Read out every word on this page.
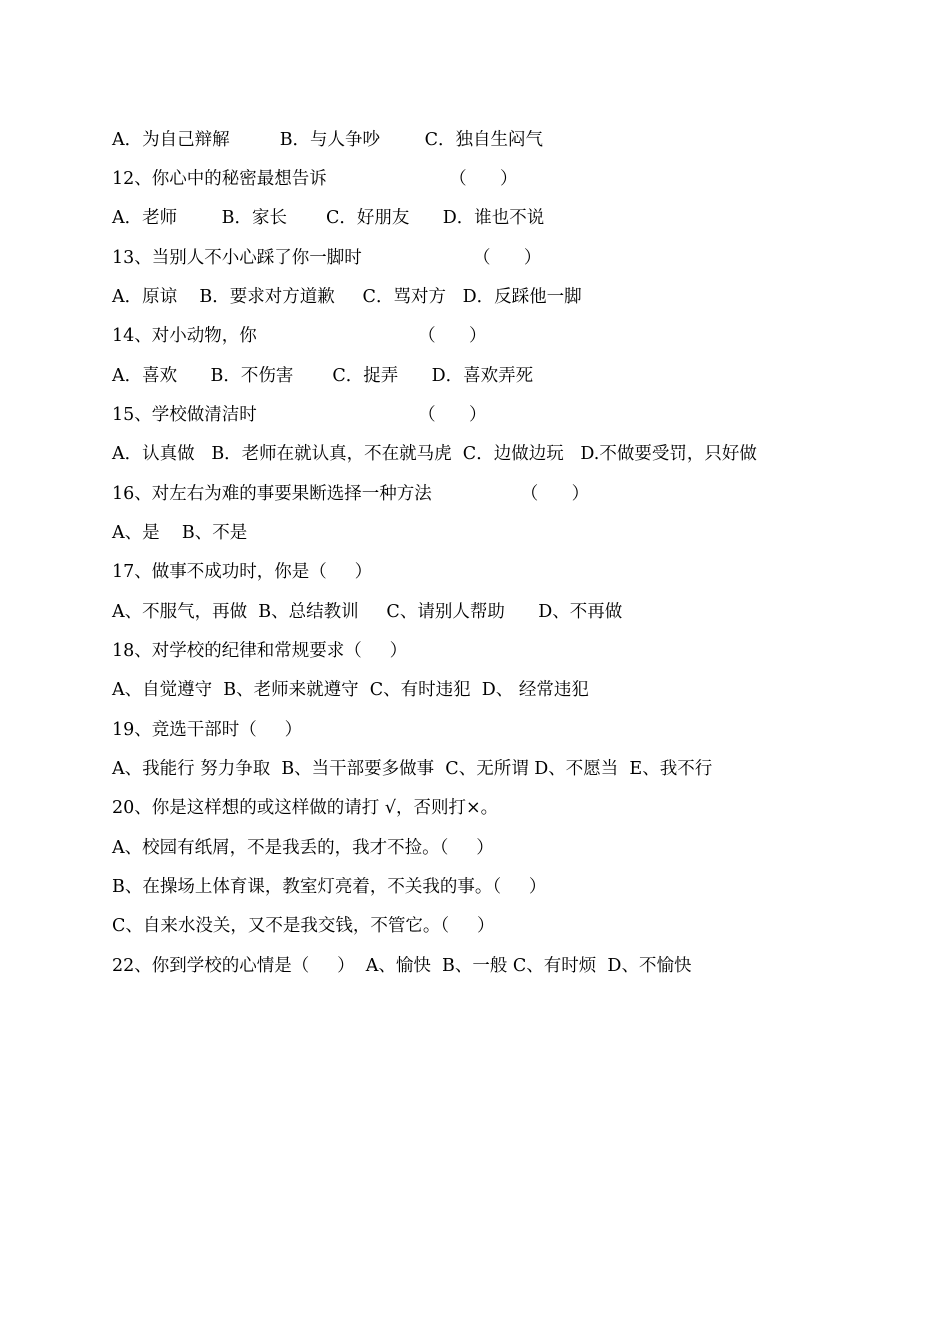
A．为自己辩解         B．与人争吵        C．独自生闷气
12、你心中的秘密最想告诉                      （      ）
A．老师        B．家长       C．好朋友      D．谁也不说
13、当别人不小心踩了你一脚时                    （      ）
A．原谅    B．要求对方道歉     C．骂对方   D．反踩他一脚
14、对小动物，你                             （      ）
A．喜欢      B．不伤害       C．捉弄      D．喜欢弄死
15、学校做清洁时                             （      ）
A．认真做   B．老师在就认真，不在就马虎  C．边做边玩   D.不做要受罚，只好做
16、对左右为难的事要果断选择一种方法                （      ）
A、是    B、不是
17、做事不成功时，你是（     ）
A、不服气，再做  B、总结教训     C、请别人帮助      D、不再做
18、对学校的纪律和常规要求（     ）
A、自觉遵守  B、老师来就遵守  C、有时违犯  D、 经常违犯
19、竞选干部时（     ）
A、我能行 努力争取  B、当干部要多做事  C、无所谓 D、不愿当  E、我不行
20、你是这样想的或这样做的请打 √，否则打×。
A、校园有纸屑，不是我丢的，我才不捡。（     ）
B、在操场上体育课，教室灯亮着，不关我的事。（     ）
C、自来水没关，又不是我交钱，不管它。（     ）
22、你到学校的心情是（     ）  A、愉快  B、一般 C、有时烦  D、不愉快
